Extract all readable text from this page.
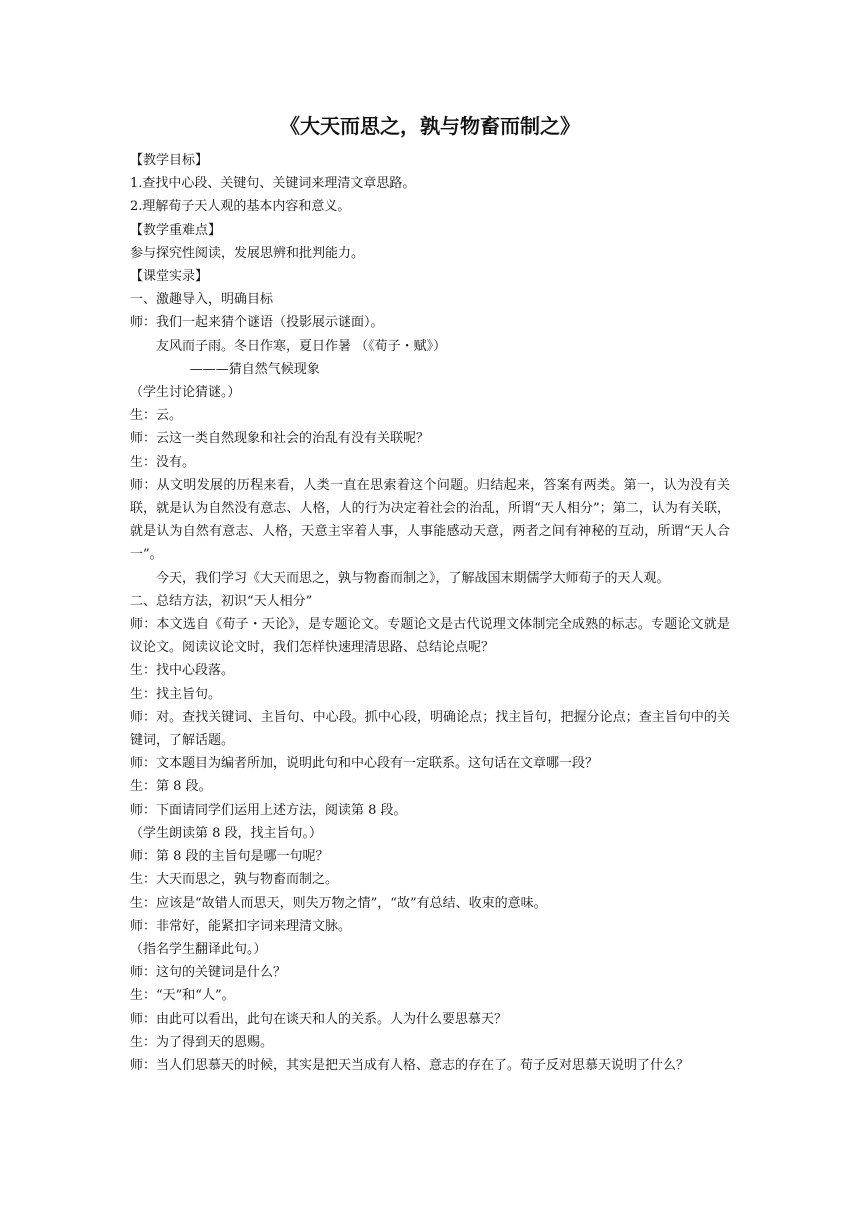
《大天而思之，孰与物畜而制之》

【教学目标】

1.查找中心段、关键句、关键词来理清文章思路。

2.理解荀子天人观的基本内容和意义。

【教学重难点】

参与探究性阅读，发展思辨和批判能力。

【课堂实录】

一、激趣导入，明确目标

师：我们一起来猜个谜语（投影展示谜面）。

友风而子雨。冬日作寒，夏日作暑 （《荀子・赋》）

———猜自然气候现象

（学生讨论猜谜。）

生：云。

师：云这一类自然现象和社会的治乱有没有关联呢？

生：没有。

师：从文明发展的历程来看，人类一直在思索着这个问题。归结起来，答案有两类。第一，认为没有关联，就是认为自然没有意志、人格，人的行为决定着社会的治乱，所谓“天人相分”；第二，认为有关联，就是认为自然有意志、人格，天意主宰着人事，人事能感动天意，两者之间有神秘的互动，所谓“天人合一”。

今天，我们学习《大天而思之，孰与物畜而制之》，了解战国末期儒学大师荀子的天人观。

二、总结方法，初识“天人相分”

师：本文选自《荀子・天论》，是专题论文。专题论文是古代说理文体制完全成熟的标志。专题论文就是议论文。阅读议论文时，我们怎样快速理清思路、总结论点呢？

生：找中心段落。

生：找主旨句。

师：对。查找关键词、主旨句、中心段。抓中心段，明确论点；找主旨句，把握分论点；查主旨句中的关键词，了解话题。

师：文本题目为编者所加，说明此句和中心段有一定联系。这句话在文章哪一段？

生：第 8 段。

师：下面请同学们运用上述方法，阅读第 8 段。

（学生朗读第 8 段，找主旨句。）

师：第 8 段的主旨句是哪一句呢？

生：大天而思之，孰与物畜而制之。

生：应该是“故错人而思天，则失万物之情”，“故”有总结、收束的意味。

师：非常好，能紧扣字词来理清文脉。

（指名学生翻译此句。）

师：这句的关键词是什么？

生：“天”和“人”。

师：由此可以看出，此句在谈天和人的关系。人为什么要思慕天？

生：为了得到天的恩赐。

师：当人们思慕天的时候，其实是把天当成有人格、意志的存在了。荀子反对思慕天说明了什么？
